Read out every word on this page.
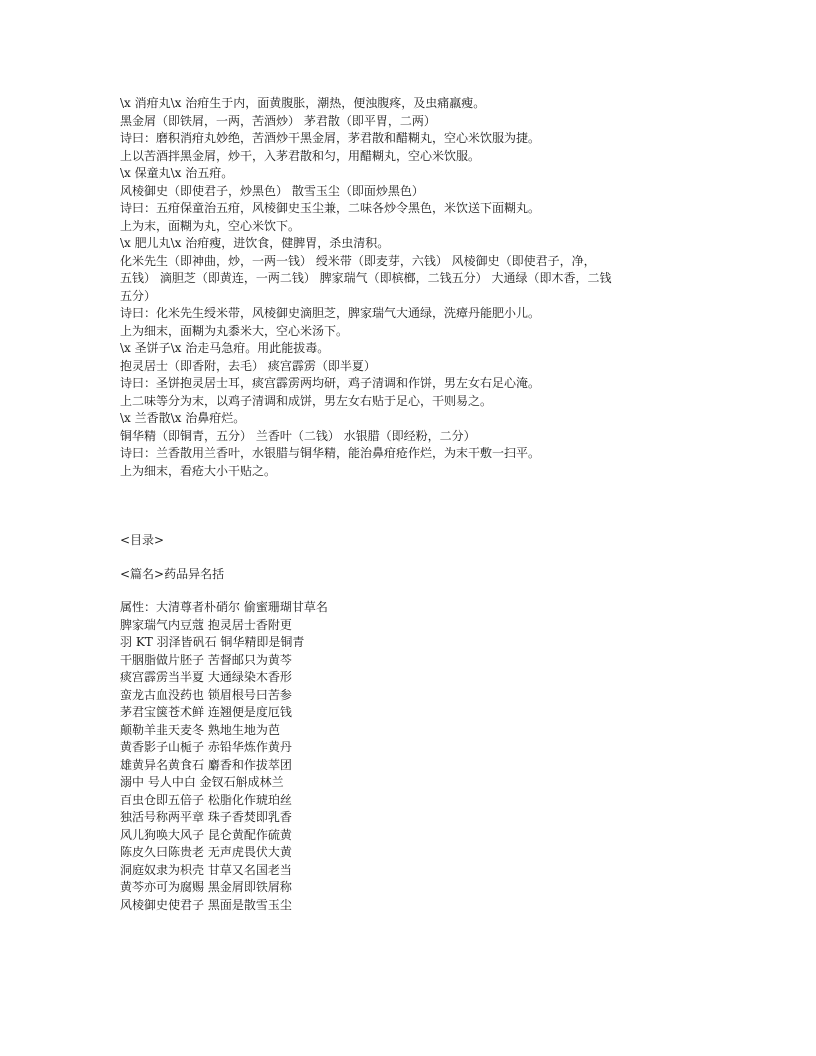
\x 消疳丸\x 治疳生于内，面黄腹胀，潮热，便浊腹疼，及虫痛羸瘦。

黑金屑（即铁屑，一两，苦酒炒） 茅君散（即平胃，二两）

诗曰：磨积消疳丸妙绝，苦酒炒干黑金屑，茅君散和醋糊丸，空心米饮服为捷。

上以苦酒拌黑金屑，炒干，入茅君散和匀，用醋糊丸，空心米饮服。

\x 保童丸\x 治五疳。

风棱御史（即使君子，炒黑色） 散雪玉尘（即面炒黑色）

诗曰：五疳保童治五疳，风棱御史玉尘兼，二味各炒令黑色，米饮送下面糊丸。

上为末，面糊为丸，空心米饮下。

\x 肥儿丸\x 治疳瘦，进饮食，健脾胃，杀虫清积。

化米先生（即神曲，炒，一两一钱） 绶米带（即麦芽，六钱） 风棱御史（即使君子，净，

五钱） 滴胆芝（即黄连，一两二钱） 脾家瑞气（即槟榔，二钱五分） 大通绿（即木香，二钱

五分）

诗曰：化米先生绶米带，风棱御史滴胆芝，脾家瑞气大通绿，洗瘴丹能肥小儿。

上为细末，面糊为丸黍米大，空心米汤下。

\x 圣饼子\x 治走马急疳。用此能拔毒。

抱灵居士（即香附，去毛） 痰宫霹雳（即半夏）

诗曰：圣饼抱灵居士耳，痰宫霹雳两均研，鸡子清调和作饼，男左女右足心淹。

上二味等分为末，以鸡子清调和成饼，男左女右贴于足心，干则易之。

\x 兰香散\x 治鼻疳烂。

铜华精（即铜青，五分） 兰香叶（二钱） 水银腊（即经粉，二分）

诗曰：兰香散用兰香叶，水银腊与铜华精，能治鼻疳疮作烂，为末干敷一扫平。

上为细末，看疮大小干贴之。

<目录>

<篇名>药品异名括

属性：大清尊者朴硝尔 偷蜜珊瑚甘草名

脾家瑞气内豆蔻 抱灵居士香附更

羽 KT 羽泽皆矾石 铜华精即是铜青

干胭脂做片胚子 苦督邮只为黄芩

痰宫霹雳当半夏 大通绿染木香形

蛮龙古血没药也 锁眉根号曰苦参

茅君宝箧苍术鲜 连翘便是度厄钱

颠勒羊韭天麦冬 熟地生地为芭

黄香影子山栀子 赤铅华炼作黄丹

雄黄异名黄食石 麝香和作拔萃团

溺中 号人中白 金钗石斛成林兰

百虫仓即五倍子 松脂化作琥珀丝

独活号称两平章 珠子香焚即乳香

风儿狗唤大风子 昆仑黄配作硫黄

陈皮久曰陈贵老 无声虎畏伏大黄

洞庭奴隶为枳壳 甘草又名国老当

黄芩亦可为腐赐 黑金屑即铁屑称

风棱御史使君子 黑面是散雪玉尘
